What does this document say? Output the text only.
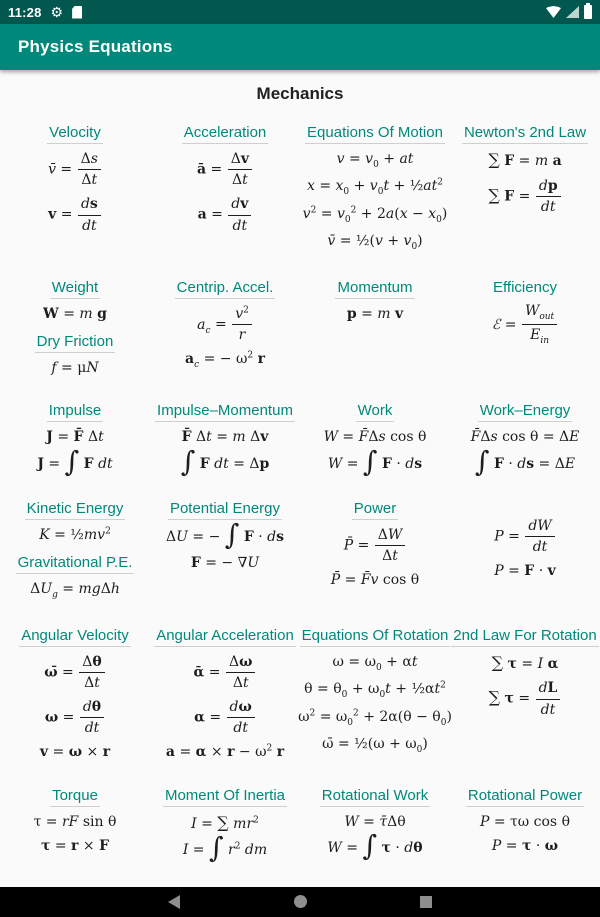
11:28 ⚙
Physics Equations
Mechanics
Velocity
v̄ = $\frac{\Delta s}{\Delta t}$
$v = \frac{ds}{dt}$
Acceleration
ā = $\frac{\Delta v}{\Delta t}$
$a = \frac{dv}{dt}$
Equations Of Motion
$v = v_0$ + at
$x = x_0 + v_0t$ + $\frac{1}{2}at^2$
$v^2 = v_0^2 + 2a(x - x_0)$
v̄ = ½(v + $v_0$)
Newton's 2nd Law
∑ F = m a
∑ $F = \frac{dp}{dt}$
Weight
W = m g
Dry Friction
f = μN
Centrip. Accel.
$a_c = \frac{v^2}{r}$
$a_c$ = − $\omega^2$ r
Momentum
p = m v
Efficiency
ℰ =
$W_{out}$
$E_{in}$
Impulse
J = F̄ Δt
J = ∫ F dt
Impulse–Momentum
F̄ Δt = m Δv
∫ F dt = Δp
Work
W = F̄Δs cos θ
W = ∫ F · ds
Work–Energy
F̄Δs cos θ = ΔE
∫ F · ds = ΔE
Kinetic Energy
$K = \frac{1}{2}mv^2$
Gravitational P.E.
$\Delta U_g = mg\Delta h$
Potential Energy
ΔU = − ∫ F · ds
F = − ∇U
Power
P̄ = $\frac{\Delta W}{\Delta t}$
P̄ = F̄v cos θ
$P = \frac{dW}{dt}$
P = F · v
Angular Velocity
ω̄ = $\frac{\Delta\theta}{\Delta t}$
$\omega = \frac{d\theta}{dt}$
v = ω × r
Angular Acceleration
ᾱ = $\frac{\Delta\omega}{\Delta t}$
$\alpha = \frac{d\omega}{dt}$
$a = \alpha \times r - \omega^2$ r
Equations Of Rotation
$\omega = \omega_0 + \alpha t$
$\theta = \theta_0 + \omega_0t$ + $\frac{1}{2}\alpha t^2$
$\omega^2 = \omega_0^2 + 2\alpha(\theta - \theta_0)$
ω̄ = ½(ω + $\omega_0$)
2nd Law For Rotation
∑ τ = I α
∑ $\tau = \frac{dL}{dt}$
Torque
τ = rF sin θ
τ = r × F
Moment Of Inertia
I = ∑ $mr^2$
I = ∫ $r^2$ dm
Rotational Work
W = τ̄Δθ
W = ∫ τ · dθ
Rotational Power
P = τω cos θ
P = τ · ω
